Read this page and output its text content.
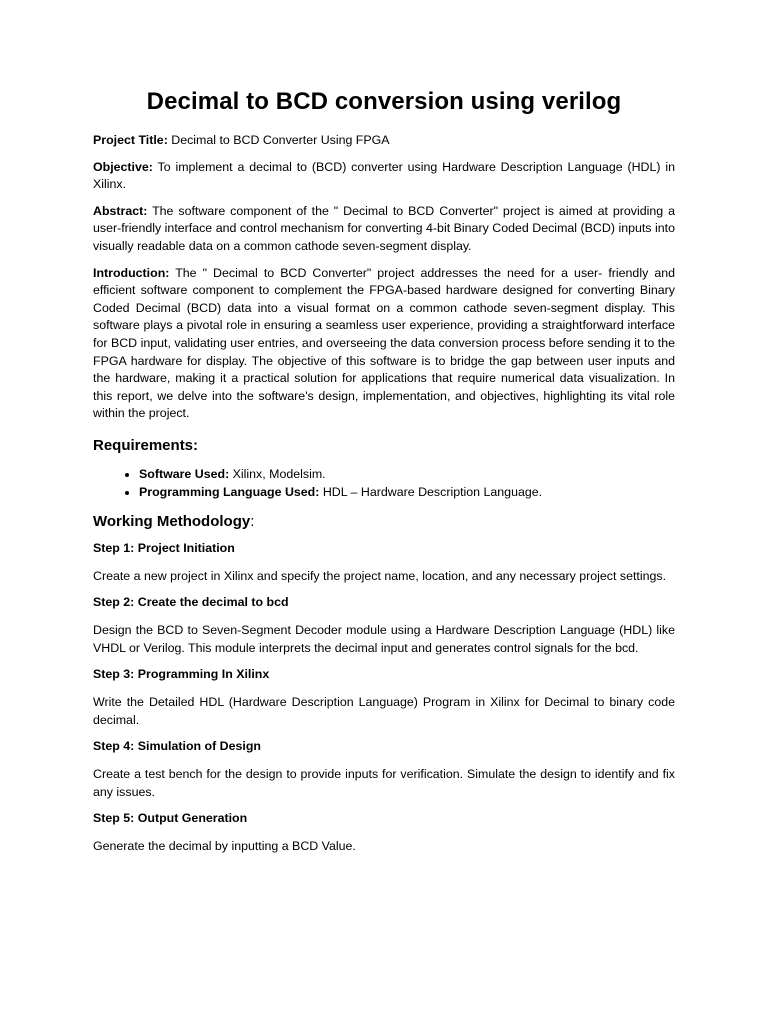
Decimal to BCD conversion using verilog

Project Title: Decimal to BCD Converter Using FPGA

Objective: To implement a decimal to (BCD) converter using Hardware Description Language (HDL) in Xilinx.

Abstract: The software component of the " Decimal to BCD Converter" project is aimed at providing a user-friendly interface and control mechanism for converting 4-bit Binary Coded Decimal (BCD) inputs into visually readable data on a common cathode seven-segment display.

Introduction: The " Decimal to BCD Converter" project addresses the need for a user- friendly and efficient software component to complement the FPGA-based hardware designed for converting Binary Coded Decimal (BCD) data into a visual format on a common cathode seven-segment display. This software plays a pivotal role in ensuring a seamless user experience, providing a straightforward interface for BCD input, validating user entries, and overseeing the data conversion process before sending it to the FPGA hardware for display. The objective of this software is to bridge the gap between user inputs and the hardware, making it a practical solution for applications that require numerical data visualization. In this report, we delve into the software's design, implementation, and objectives, highlighting its vital role within the project.

Requirements:
• Software Used: Xilinx, Modelsim.
• Programming Language Used: HDL – Hardware Description Language.
Working Methodology:
Step 1: Project Initiation

Create a new project in Xilinx and specify the project name, location, and any necessary project settings.

Step 2: Create the decimal to bcd

Design the BCD to Seven-Segment Decoder module using a Hardware Description Language (HDL) like VHDL or Verilog. This module interprets the decimal input and generates control signals for the bcd.

Step 3: Programming In Xilinx

Write the Detailed HDL (Hardware Description Language) Program in Xilinx for Decimal to binary code decimal.

Step 4: Simulation of Design

Create a test bench for the design to provide inputs for verification. Simulate the design to identify and fix any issues.

Step 5: Output Generation

Generate the decimal by inputting a BCD Value.
